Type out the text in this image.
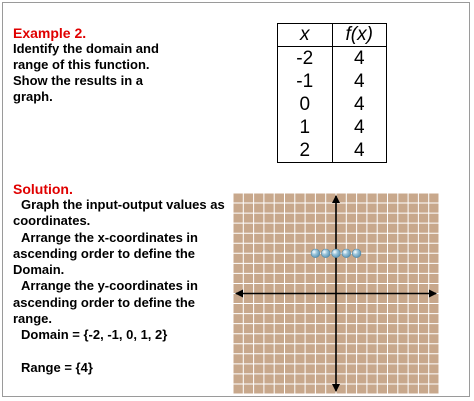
Example 2.
Identify the domain and
range of this function.
Show the results in a
graph.
x	f(x)
-2	4
-1	4
0	4
1	4
2	4
Solution.
Graph the input-output values as
coordinates.
Arrange the x-coordinates in
ascending order to define the
Domain.
Arrange the y-coordinates in
ascending order to define the
range.
Domain = {-2, -1, 0, 1, 2}

Range = {4}
